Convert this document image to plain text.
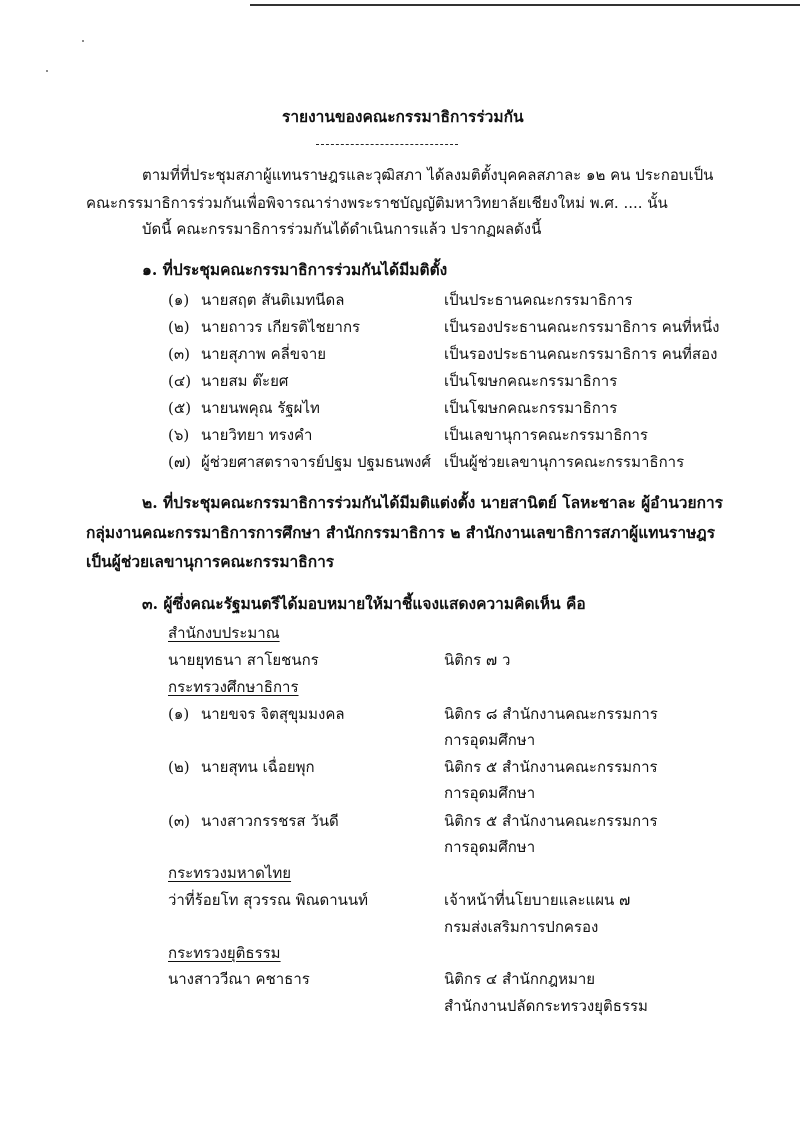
รายงานของคณะกรรมาธิการร่วมกัน
ตามที่ที่ประชุมสภาผู้แทนราษฎรและวุฒิสภา ได้ลงมติตั้งบุคคลสภาละ ๑๒ คน ประกอบเป็น
คณะกรรมาธิการร่วมกันเพื่อพิจารณาร่างพระราชบัญญัติมหาวิทยาลัยเชียงใหม่ พ.ศ. .... นั้น
บัดนี้ คณะกรรมาธิการร่วมกันได้ดำเนินการแล้ว ปรากฏผลดังนี้
๑. ที่ประชุมคณะกรรมาธิการร่วมกันได้มีมติตั้ง
(๑) นายสฤต สันติเมทนีดล	เป็นประธานคณะกรรมาธิการ
(๒) นายถาวร เกียรติไชยากร	เป็นรองประธานคณะกรรมาธิการ คนที่หนึ่ง
(๓) นายสุภาพ คลี่ขจาย	เป็นรองประธานคณะกรรมาธิการ คนที่สอง
(๔) นายสม ต๊ะยศ	เป็นโฆษกคณะกรรมาธิการ
(๕) นายนพคุณ รัฐผไท	เป็นโฆษกคณะกรรมาธิการ
(๖) นายวิทยา ทรงคำ	เป็นเลขานุการคณะกรรมาธิการ
(๗) ผู้ช่วยศาสตราจารย์ปฐม ปฐมธนพงศ์ เป็นผู้ช่วยเลขานุการคณะกรรมาธิการ
๒. ที่ประชุมคณะกรรมาธิการร่วมกันได้มีมติแต่งตั้ง นายสานิตย์ โลหะชาละ ผู้อำนวยการ
กลุ่มงานคณะกรรมาธิการการศึกษา สำนักกรรมาธิการ ๒ สำนักงานเลขาธิการสภาผู้แทนราษฎร
เป็นผู้ช่วยเลขานุการคณะกรรมาธิการ
๓. ผู้ซึ่งคณะรัฐมนตรีได้มอบหมายให้มาชี้แจงแสดงความคิดเห็น คือ
สำนักงบประมาณ
นายยุทธนา สาโยชนกร	นิติกร ๗ ว
กระทรวงศึกษาธิการ
(๑) นายขจร จิตสุขุมมงคล	นิติกร ๘ สำนักงานคณะกรรมการ
การอุดมศึกษา
(๒) นายสุทน เฉื่อยพุก	นิติกร ๕ สำนักงานคณะกรรมการ
การอุดมศึกษา
(๓) นางสาวกรรชรส วันดี	นิติกร ๕ สำนักงานคณะกรรมการ
การอุดมศึกษา
กระทรวงมหาดไทย
ว่าที่ร้อยโท สุวรรณ พิณดานนท์	เจ้าหน้าที่นโยบายและแผน ๗
กรมส่งเสริมการปกครอง
กระทรวงยุติธรรม
นางสาววีณา คชาธาร	นิติกร ๔ สำนักกฎหมาย
สำนักงานปลัดกระทรวงยุติธรรม
